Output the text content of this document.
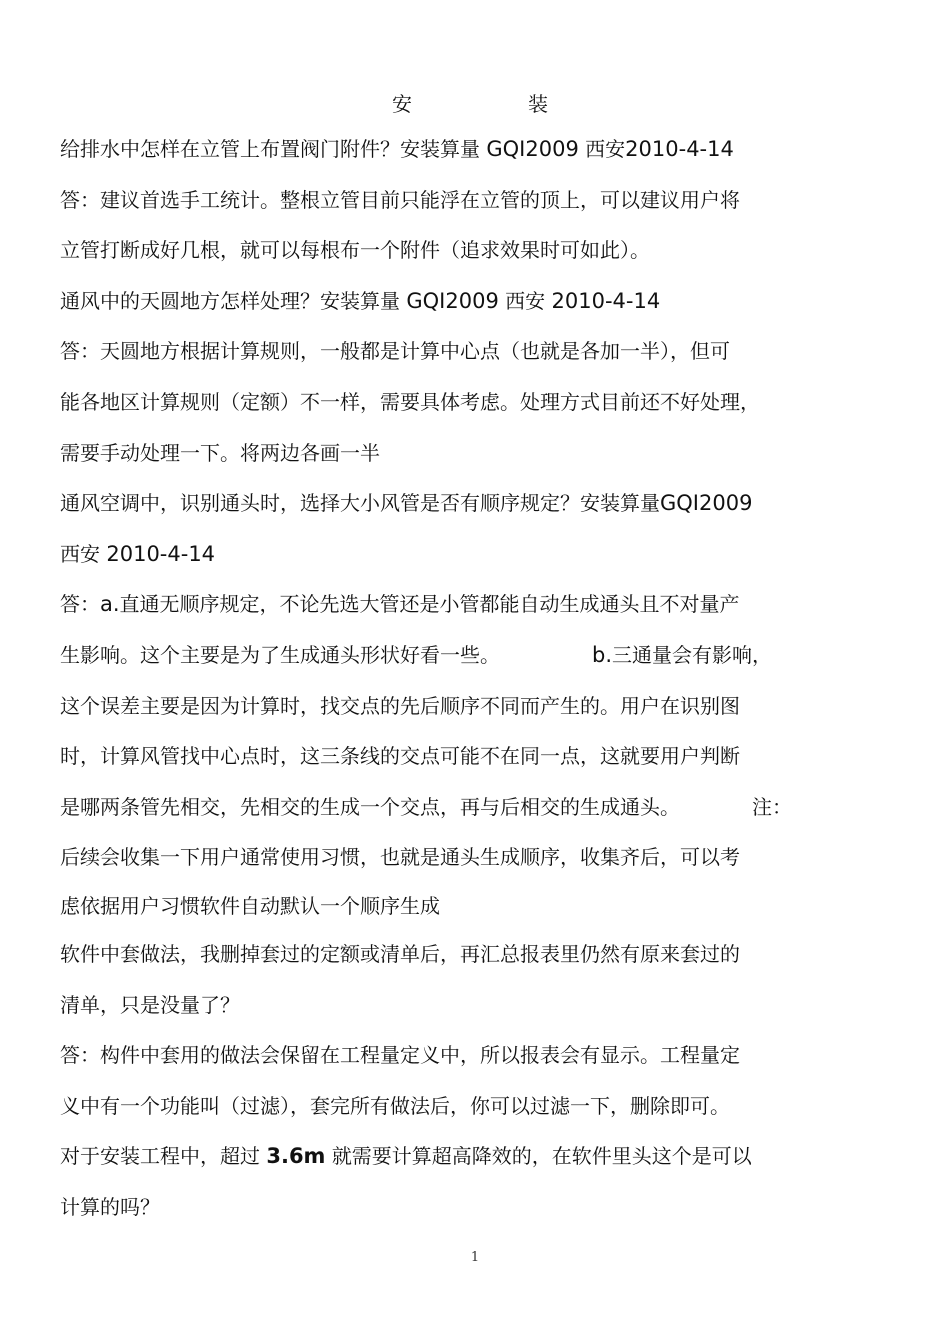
安	装
给排水中怎样在立管上布置阀门附件？安装算量 GQI2009 西安2010-4-14
答：建议首选手工统计。整根立管目前只能浮在立管的顶上，可以建议用户将
立管打断成好几根，就可以每根布一个附件（追求效果时可如此）。
通风中的天圆地方怎样处理？安装算量 GQI2009 西安 2010-4-14
答：天圆地方根据计算规则，一般都是计算中心点（也就是各加一半），但可
能各地区计算规则（定额）不一样，需要具体考虑。处理方式目前还不好处理，
需要手动处理一下。将两边各画一半
通风空调中，识别通头时，选择大小风管是否有顺序规定？安装算量GQI2009
西安 2010-4-14
答：a.直通无顺序规定，不论先选大管还是小管都能自动生成通头且不对量产
生影响。这个主要是为了生成通头形状好看一些。	b.三通量会有影响，
这个误差主要是因为计算时，找交点的先后顺序不同而产生的。用户在识别图
时，计算风管找中心点时，这三条线的交点可能不在同一点，这就要用户判断
是哪两条管先相交，先相交的生成一个交点，再与后相交的生成通头。	注：
后续会收集一下用户通常使用习惯，也就是通头生成顺序，收集齐后，可以考
虑依据用户习惯软件自动默认一个顺序生成
软件中套做法，我删掉套过的定额或清单后，再汇总报表里仍然有原来套过的
清单，只是没量了？
答：构件中套用的做法会保留在工程量定义中，所以报表会有显示。工程量定
义中有一个功能叫（过滤），套完所有做法后，你可以过滤一下，删除即可。
对于安装工程中，超过 3.6m 就需要计算超高降效的，在软件里头这个是可以
计算的吗？
1
